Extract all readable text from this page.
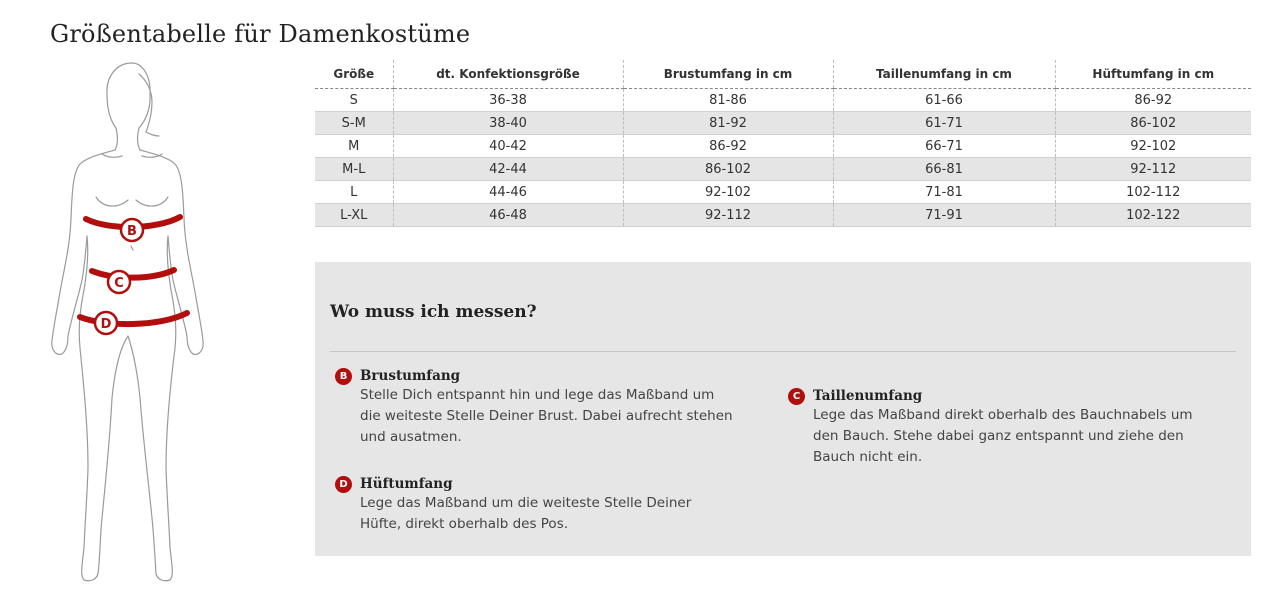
Größentabelle für Damenkostüme
B
C
D
Größe	dt. Konfektionsgröße	Brustumfang in cm	Taillenumfang in cm	Hüftumfang in cm
S	36-38	81-86	61-66	86-92
S-M	38-40	81-92	61-71	86-102
M	40-42	86-92	66-71	92-102
M-L	42-44	86-102	66-81	92-112
L	44-46	92-102	71-81	102-112
L-XL	46-48	92-112	71-91	102-122
Wo muss ich messen?
B Brustumfang

Stelle Dich entspannt hin und lege das Maßband um die weiteste Stelle Deiner Brust. Dabei aufrecht stehen und ausatmen.

C Taillenumfang

Lege das Maßband direkt oberhalb des Bauchnabels um den Bauch. Stehe dabei ganz entspannt und ziehe den Bauch nicht ein.

D Hüftumfang

Lege das Maßband um die weiteste Stelle Deiner Hüfte, direkt oberhalb des Pos.
